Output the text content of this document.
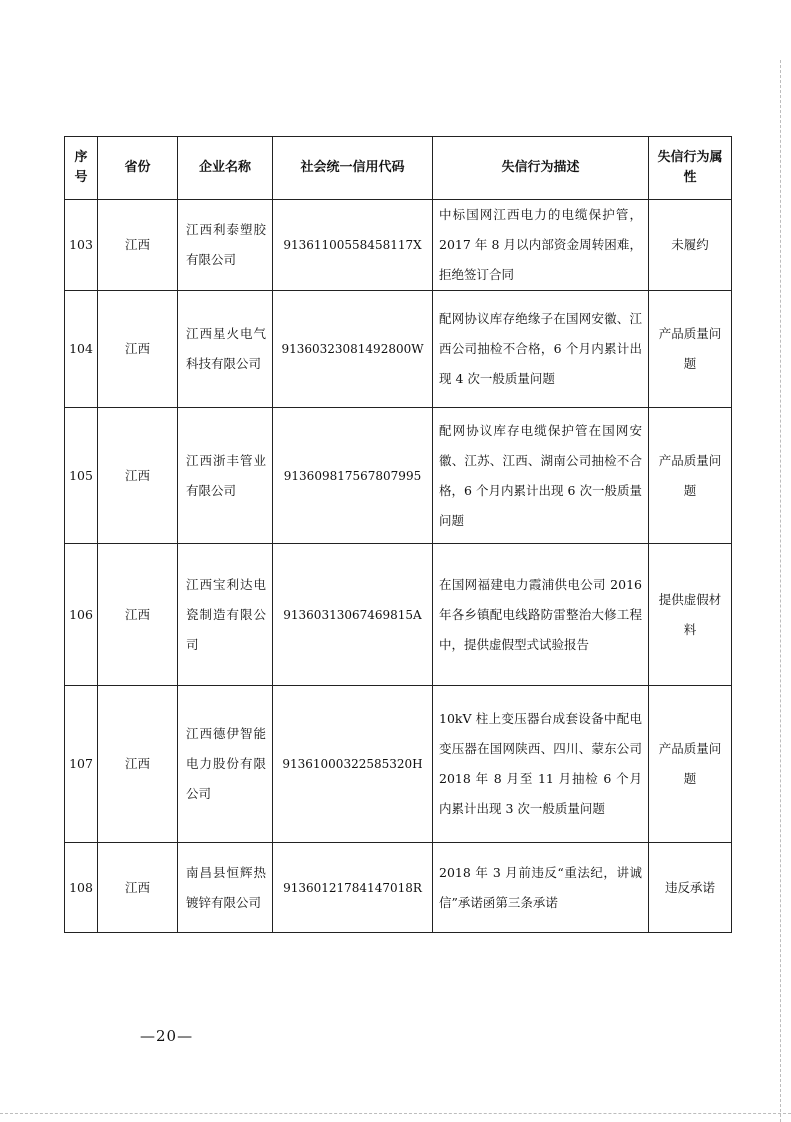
序号	省份	企业名称	社会统一信用代码	失信行为描述	失信行为属性
103	江西	江西利泰塑胶有限公司	91361100558458117X	中标国网江西电力的电缆保护管，2017 年 8 月以内部资金周转困难，拒绝签订合同	未履约
104	江西	江西星火电气科技有限公司	91360323081492800W	配网协议库存绝缘子在国网安徽、江西公司抽检不合格，6 个月内累计出现 4 次一般质量问题	产品质量问题
105	江西	江西浙丰管业有限公司	913609817567807995	配网协议库存电缆保护管在国网安徽、江苏、江西、湖南公司抽检不合格，6 个月内累计出现 6 次一般质量问题	产品质量问题
106	江西	江西宝利达电瓷制造有限公司	91360313067469815A	在国网福建电力霞浦供电公司 2016 年各乡镇配电线路防雷整治大修工程中，提供虚假型式试验报告	提供虚假材料
107	江西	江西德伊智能电力股份有限公司	91361000322585320H	10kV 柱上变压器台成套设备中配电变压器在国网陕西、四川、蒙东公司 2018 年 8 月至 11 月抽检 6 个月内累计出现 3 次一般质量问题	产品质量问题
108	江西	南昌县恒辉热镀锌有限公司	91360121784147018R	2018 年 3 月前违反“重法纪，讲诚信”承诺函第三条承诺	违反承诺
—20—
